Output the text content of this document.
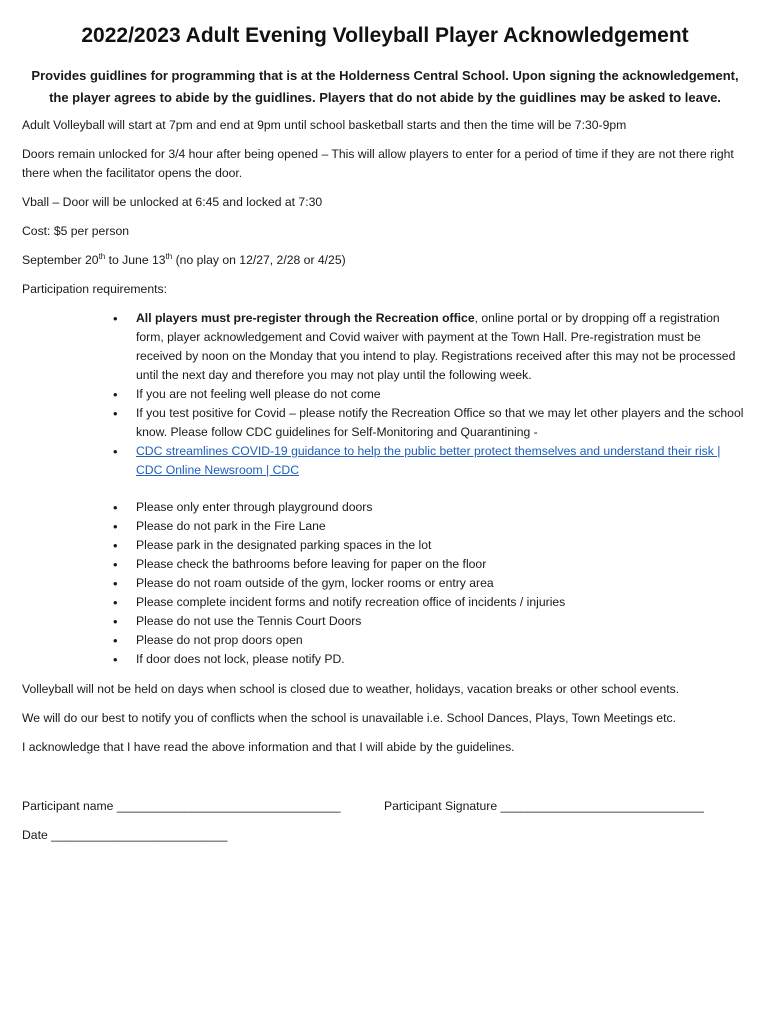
2022/2023 Adult Evening Volleyball Player Acknowledgement

Provides guidlines for programming that is at the Holderness Central School. Upon signing the acknowledgement, the player agrees to abide by the guidlines. Players that do not abide by the guidlines may be asked to leave.

Adult Volleyball will start at 7pm and end at 9pm until school basketball starts and then the time will be 7:30-9pm

Doors remain unlocked for 3/4 hour after being opened – This will allow players to enter for a period of time if they are not there right there when the facilitator opens the door.

Vball – Door will be unlocked at 6:45 and locked at 7:30

Cost: $5 per person

September 20th to June 13th (no play on 12/27, 2/28 or 4/25)

Participation requirements:

• All players must pre-register through the Recreation office, online portal or by dropping off a registration form, player acknowledgement and Covid waiver with payment at the Town Hall. Pre-registration must be received by noon on the Monday that you intend to play. Registrations received after this may not be processed until the next day and therefore you may not play until the following week.
• If you are not feeling well please do not come
• If you test positive for Covid – please notify the Recreation Office so that we may let other players and the school know. Please follow CDC guidelines for Self-Monitoring and Quarantining -
• CDC streamlines COVID-19 guidance to help the public better protect themselves and understand their risk | CDC Online Newsroom | CDC
• Please only enter through playground doors
• Please do not park in the Fire Lane
• Please park in the designated parking spaces in the lot
• Please check the bathrooms before leaving for paper on the floor
• Please do not roam outside of the gym, locker rooms or entry area
• Please complete incident forms and notify recreation office of incidents / injuries
• Please do not use the Tennis Court Doors
• Please do not prop doors open
• If door does not lock, please notify PD.

Volleyball will not be held on days when school is closed due to weather, holidays, vacation breaks or other school events.

We will do our best to notify you of conflicts when the school is unavailable i.e. School Dances, Plays, Town Meetings etc.

I acknowledge that I have read the above information and that I will abide by the guidelines.

Participant name _________________________________	Participant Signature ______________________________
Date __________________________
